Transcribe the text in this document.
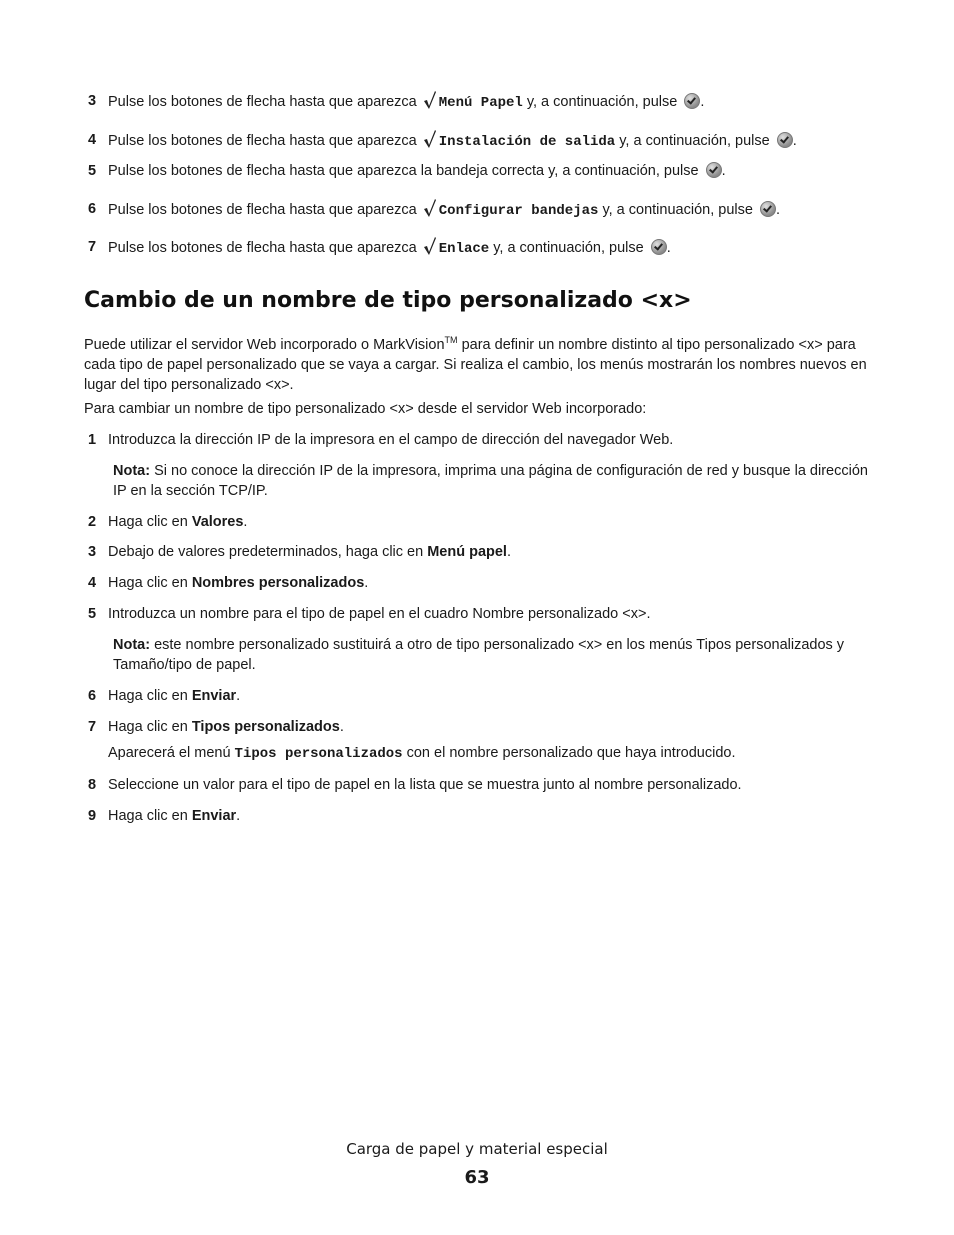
3 Pulse los botones de flecha hasta que aparezca Menú Papel y, a continuación, pulse .
4 Pulse los botones de flecha hasta que aparezca Instalación de salida y, a continuación, pulse .
5 Pulse los botones de flecha hasta que aparezca la bandeja correcta y, a continuación, pulse .
6 Pulse los botones de flecha hasta que aparezca Configurar bandejas y, a continuación, pulse .
7 Pulse los botones de flecha hasta que aparezca Enlace y, a continuación, pulse .
Cambio de un nombre de tipo personalizado <x>
Puede utilizar el servidor Web incorporado o MarkVision™ para definir un nombre distinto al tipo personalizado <x> para cada tipo de papel personalizado que se vaya a cargar. Si realiza el cambio, los menús mostrarán los nombres nuevos en lugar del tipo personalizado <x>.
Para cambiar un nombre de tipo personalizado <x> desde el servidor Web incorporado:
1 Introduzca la dirección IP de la impresora en el campo de dirección del navegador Web.
Nota: Si no conoce la dirección IP de la impresora, imprima una página de configuración de red y busque la dirección IP en la sección TCP/IP.
2 Haga clic en Valores.
3 Debajo de valores predeterminados, haga clic en Menú papel.
4 Haga clic en Nombres personalizados.
5 Introduzca un nombre para el tipo de papel en el cuadro Nombre personalizado <x>.
Nota: este nombre personalizado sustituirá a otro de tipo personalizado <x> en los menús Tipos personalizados y Tamaño/tipo de papel.
6 Haga clic en Enviar.
7 Haga clic en Tipos personalizados.
Aparecerá el menú Tipos personalizados con el nombre personalizado que haya introducido.
8 Seleccione un valor para el tipo de papel en la lista que se muestra junto al nombre personalizado.
9 Haga clic en Enviar.
Carga de papel y material especial
63
